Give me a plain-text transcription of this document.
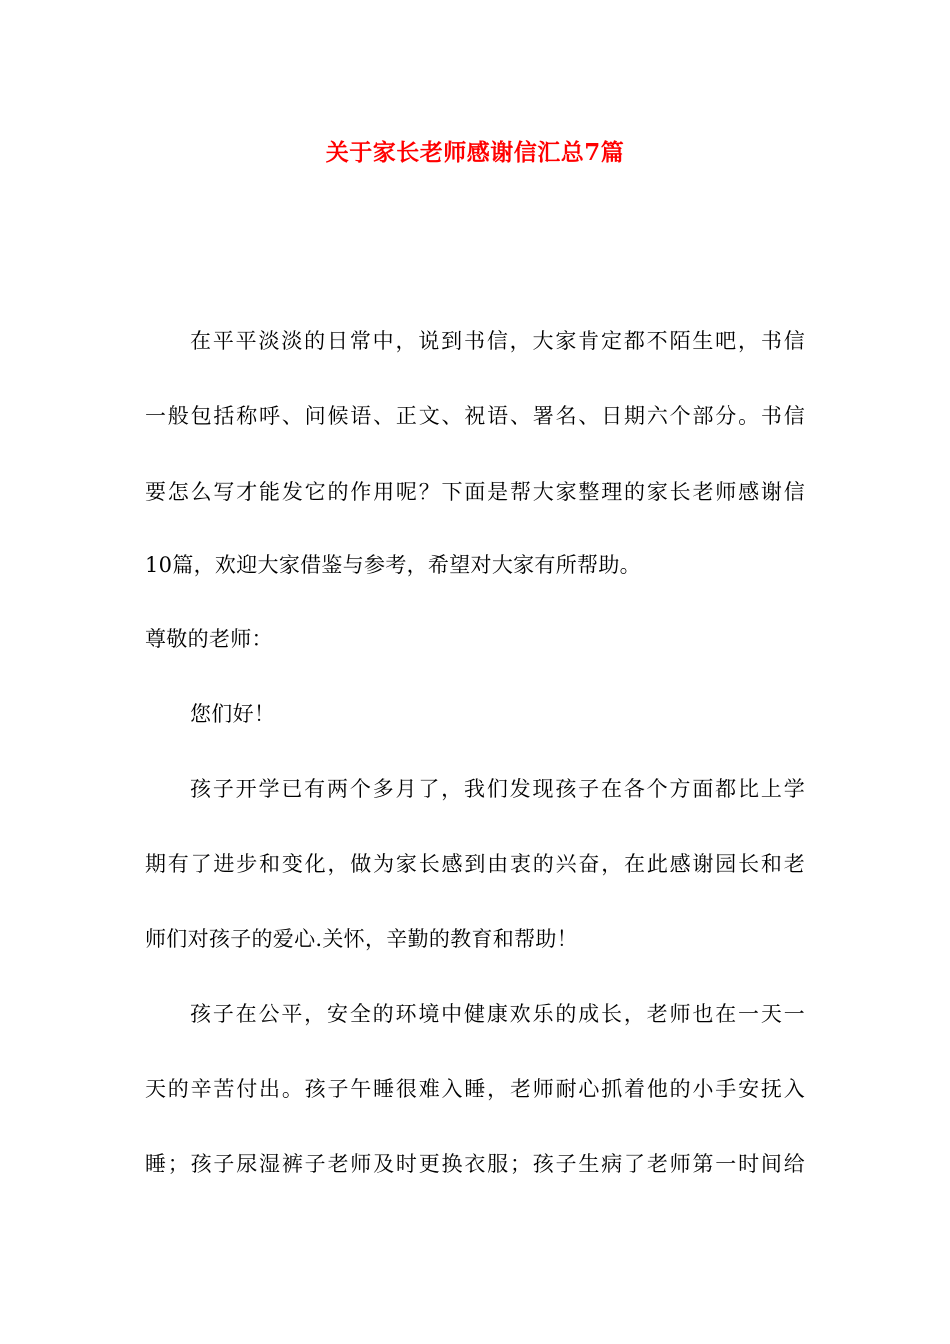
关于家长老师感谢信汇总7篇
在平平淡淡的日常中，说到书信，大家肯定都不陌生吧，书信
一般包括称呼、问候语、正文、祝语、署名、日期六个部分。书信
要怎么写才能发它的作用呢？下面是帮大家整理的家长老师感谢信
10篇，欢迎大家借鉴与参考，希望对大家有所帮助。
尊敬的老师：
您们好！
孩子开学已有两个多月了，我们发现孩子在各个方面都比上学
期有了进步和变化，做为家长感到由衷的兴奋，在此感谢园长和老
师们对孩子的爱心.关怀，辛勤的教育和帮助！
孩子在公平，安全的环境中健康欢乐的成长，老师也在一天一
天的辛苦付出。孩子午睡很难入睡，老师耐心抓着他的小手安抚入
睡；孩子尿湿裤子老师及时更换衣服；孩子生病了老师第一时间给
